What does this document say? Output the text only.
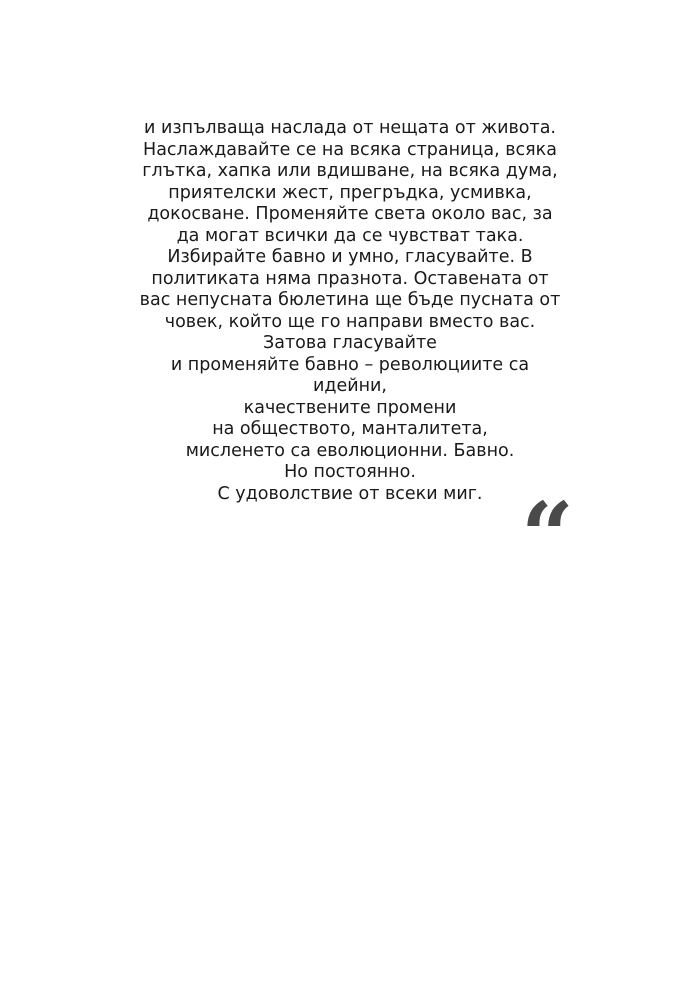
и изпълваща наслада от нещата от живота.
Наслаждавайте се на всяка страница, всяка
глътка, хапка или вдишване, на всяка дума,
приятелски жест, прегръдка, усмивка,
докосване. Променяйте света около вас, за
да могат всички да се чувстват така.
Избирайте бавно и умно, гласувайте. В
политиката няма празнота. Оставената от
вас непусната бюлетина ще бъде пусната от
човек, който ще го направи вместо вас.
Затова гласувайте
и променяйте бавно – революциите са
идейни,
качествените промени
на обществото, манталитета,
мисленето са еволюционни. Бавно.
Но постоянно.
С удоволствие от всеки миг. “
